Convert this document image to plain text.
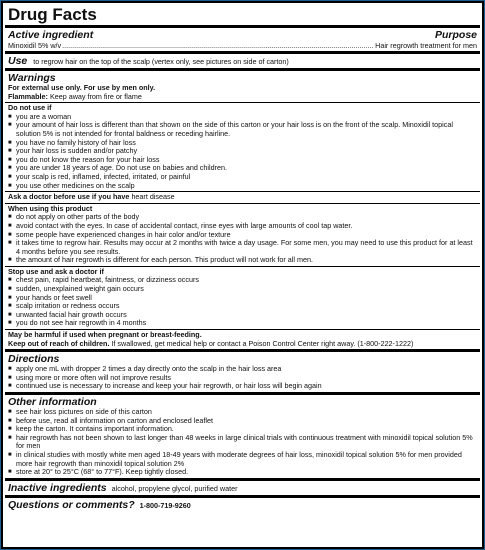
Drug Facts
Active ingredient	Purpose
Minoxidil 5% w/v
.....	Hair regrowth treatment for men
Use to regrow hair on the top of the scalp (vertex only, see pictures on side of carton)
Warnings
For external use only. For use by men only.
Flammable: Keep away from fire or flame
Do not use if
■ you are a woman
■ your amount of hair loss is different than that shown on the side of this carton or your hair loss is on the front of the scalp. Minoxidil topical solution 5% is not intended for frontal baldness or receding hairline.
■ you have no family history of hair loss
■ your hair loss is sudden and/or patchy
■ you do not know the reason for your hair loss
■ you are under 18 years of age. Do not use on babies and children.
■ your scalp is red, inflamed, infected, irritated, or painful
■ you use other medicines on the scalp
Ask a doctor before use if you have heart disease
When using this product
■ do not apply on other parts of the body
■ avoid contact with the eyes. In case of accidental contact, rinse eyes with large amounts of cool tap water.
■ some people have experienced changes in hair color and/or texture
■ it takes time to regrow hair. Results may occur at 2 months with twice a day usage. For some men, you may need to use this product for at least 4 months before you see results.
■ the amount of hair regrowth is different for each person. This product will not work for all men.
Stop use and ask a doctor if
■ chest pain, rapid heartbeat, faintness, or dizziness occurs
■ sudden, unexplained weight gain occurs
■ your hands or feet swell
■ scalp irritation or redness occurs
■ unwanted facial hair growth occurs
■ you do not see hair regrowth in 4 months
May be harmful if used when pregnant or breast-feeding.
Keep out of reach of children. If swallowed, get medical help or contact a Poison Control Center right away. (1-800-222-1222)
Directions
■ apply one mL with dropper 2 times a day directly onto the scalp in the hair loss area
■ using more or more often will not improve results
■ continued use is necessary to increase and keep your hair regrowth, or hair loss will begin again
Other information
■ see hair loss pictures on side of this carton
■ before use, read all information on carton and enclosed leaflet
■ keep the carton. It contains important information.
■ hair regrowth has not been shown to last longer than 48 weeks in large clinical trials with continuous treatment with minoxidil topical solution 5% for men
■ in clinical studies with mostly white men aged 18-49 years with moderate degrees of hair loss, minoxidil topical solution 5% for men provided more hair regrowth than minoxidil topical solution 2%
■ store at 20° to 25°C (68° to 77°F). Keep tightly closed.
Inactive ingredients alcohol, propylene glycol, purified water
Questions or comments? 1-800-719-9260
